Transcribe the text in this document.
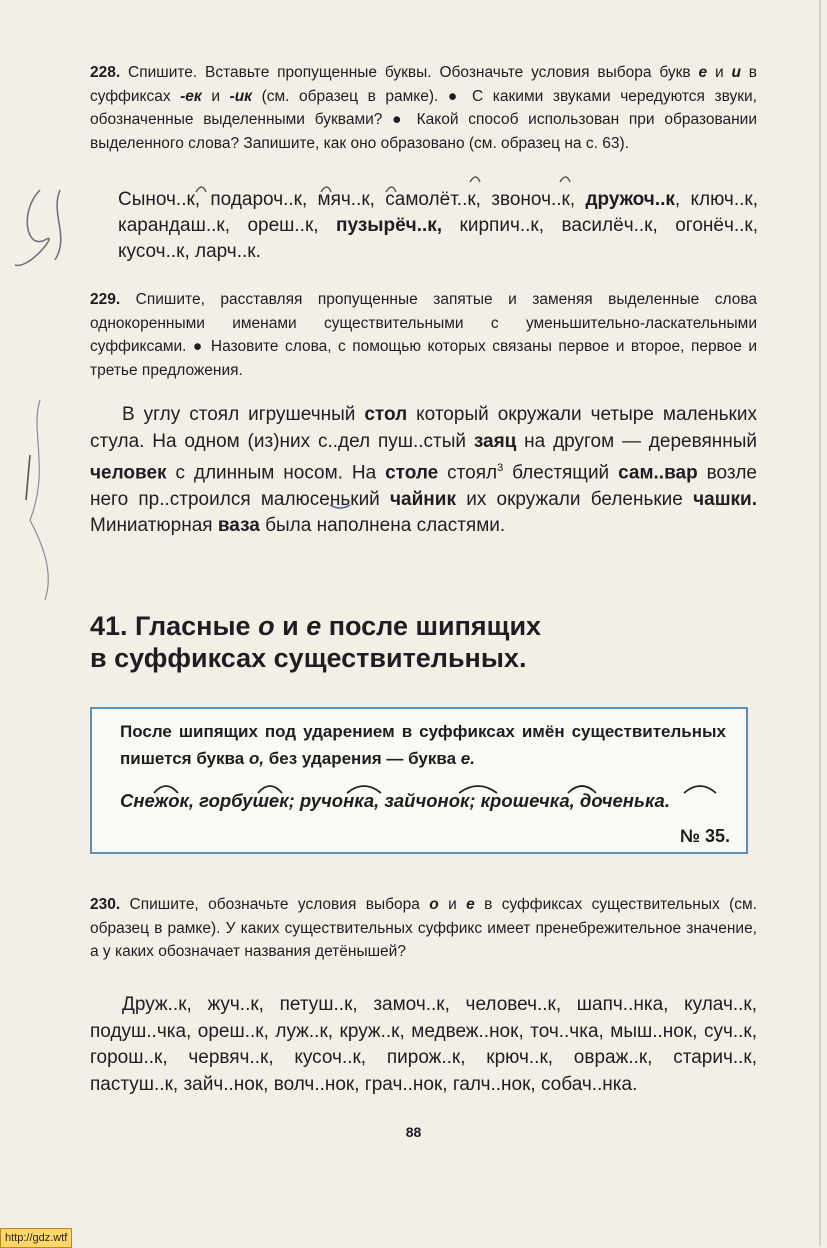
228. Спишите. Вставьте пропущенные буквы. Обозначьте условия выбора букв е и и в суффиксах -ек и -ик (см. образец в рамке). ● С какими звуками чередуются звуки, обозначенные выделенными буквами? ● Какой способ использован при образовании выделенного слова? Запишите, как оно образовано (см. образец на с. 63).

Сыноч..к, подароч..к, мяч..к, самолёт..к, звоноч..к, дружоч..к, ключ..к, карандаш..к, ореш..к, пузырёч..к, кирпич..к, василёч..к, огонёч..к, кусоч..к, ларч..к.

229. Спишите, расставляя пропущенные запятые и заменяя выделенные слова однокоренными именами существительными с уменьшительно-ласкательными суффиксами. ● Назовите слова, с помощью которых связаны первое и второе, первое и третье предложения.

В углу стоял игрушечный стол который окружали четыре маленьких стула. На одном (из)них с..дел пуш..стый заяц на другом — деревянный человек с длинным носом. На столе стоял$^3$ блестящий сам..вар возле него пр..строился малюсенький чайник их окружали беленькие чашки. Миниатюрная ваза была наполнена сластями.

41. Гласные о и е после шипящих
в суффиксах существительных.

После шипящих под ударением в суффиксах имён существительных пишется буква о, без ударения — буква е.

Снежок, горбушек; ручонка, зайчонок; крошечка, доченька.

№ 35.

230. Спишите, обозначьте условия выбора о и е в суффиксах существительных (см. образец в рамке). У каких существительных суффикс имеет пренебрежительное значение, а у каких обозначает названия детёнышей?

Друж..к, жуч..к, петуш..к, замоч..к, человеч..к, шапч..нка, кулач..к, подуш..чка, ореш..к, луж..к, круж..к, медвеж..нок, точ..чка, мыш..нок, суч..к, горош..к, червяч..к, кусоч..к, пирож..к, крюч..к, овраж..к, старич..к, пастуш..к, зайч..нок, волч..нок, грач..нок, галч..нок, собач..нка.

88
http://gdz.wtf
